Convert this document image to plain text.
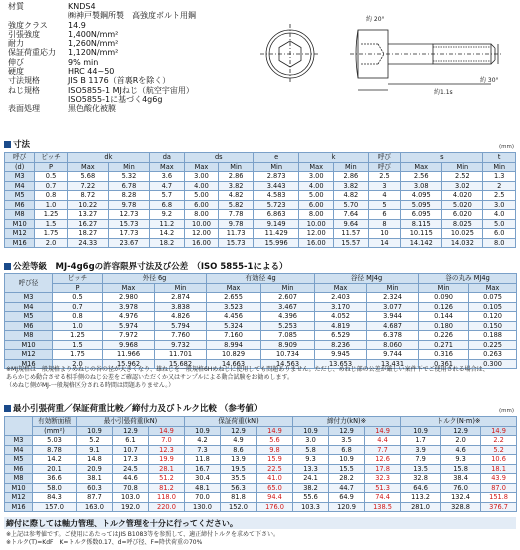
材質	KNDS4
㈱神戸製鋼所製　高強度ボルト用鋼
強度クラス	14.9
引張強度	1,400N/mm²
耐力	1,260N/mm²
保証荷重応力	1,120N/mm²
伸び	9% min
硬度	HRC 44~50
寸法規格	JIS B 1176（首裏Rを除く）
ねじ規格	ISO5855-1 MJねじ（航空宇宙用）
ISO5855-1に基づく4g6g
表面処理	黒色酸化被膜
約 20°
約1.1s
約 30°
寸法	(mm)
呼び	ピッチ	dk		da	ds		e	k		呼び	s		t
(d)	P	Max	Min	Max	Max	Min	Min	Max	Min	呼び	Max	Min	Min
M3	0.5	5.68	5.32	3.6	3.00	2.86	2.873	3.00	2.86	2.5	2.56	2.52	1.3
M4	0.7	7.22	6.78	4.7	4.00	3.82	3.443	4.00	3.82	3	3.08	3.02	2
M5	0.8	8.72	8.28	5.7	5.00	4.82	4.583	5.00	4.82	4	4.095	4.020	2.5
M6	1.0	10.22	9.78	6.8	6.00	5.82	5.723	6.00	5.70	5	5.095	5.020	3.0
M8	1.25	13.27	12.73	9.2	8.00	7.78	6.863	8.00	7.64	6	6.095	6.020	4.0
M10	1.5	16.27	15.73	11.2	10.00	9.78	9.149	10.00	9.64	8	8.115	8.025	5.0
M12	1.75	18.27	17.73	14.2	12.00	11.73	11.429	12.00	11.57	10	10.115	10.025	6.0
M16	2.0	24.33	23.67	18.2	16.00	15.73	15.996	16.00	15.57	14	14.142	14.032	8.0
公差等級　MJ-4g6gの許容限界寸法及び公差　（ISO 5855-1による）
呼び径	ピッチ	外径 6g		有効径 4g		谷径 MJ4g		谷の丸み MJ4g	
	P	Max	Min	Max	Min	Max	Min	Min	Max
M3	0.5	2.980	2.874	2.655	2.607	2.403	2.324	0.090	0.075
M4	0.7	3.978	3.838	3.523	3.467	3.170	3.077	0.126	0.105
M5	0.8	4.976	4.826	4.456	4.396	4.052	3.944	0.144	0.120
M6	1.0	5.974	5.794	5.324	5.253	4.819	4.687	0.180	0.150
M8	1.25	7.972	7.760	7.160	7.085	6.529	6.378	0.226	0.188
M10	1.5	9.968	9.732	8.994	8.909	8.236	8.060	0.271	0.225
M12	1.75	11.966	11.701	10.829	10.734	9.945	9.744	0.316	0.263
M16	2.0	15.962	15.682	14.663	14.563	13.653	13.431	0.361	0.300
※MJ規格は一般規格よりめねじの谷の径が大きくなり、雄ねじを一般規格6Hめねじに使用しても問題ありません。ただし、めねじ部の公差が厳しい案件下でご使用される場合は、
あらかじめ動合させる相手側のねじ公差をご確認いただくか又はサンプルによる動合試験をお勧めします。
（めねじ側がMJ-一般規格区分される時間は問題ありません。）
最小引張荷重／保証荷重比較／締付力及びトルク比較 （参考値）	(mm)
	有効断面積	最小引張荷重(kN)			保証荷重(kN)			締付力(kN)※			トルク(N·m)※		
	(mm²)	10.9	12.9	14.9	10.9	12.9	14.9	10.9	12.9	14.9	10.9	12.9	14.9
M3	5.03	5.2	6.1	7.0	4.2	4.9	5.6	3.0	3.5	4.4	1.7	2.0	2.2
M4	8.78	9.1	10.7	12.3	7.3	8.6	9.8	5.8	6.8	7.7	3.9	4.6	5.2
M5	14.2	14.8	17.3	19.9	11.8	13.9	15.9	9.3	10.9	12.6	7.9	9.3	10.6
M6	20.1	20.9	24.5	28.1	16.7	19.5	22.5	13.3	15.5	17.8	13.5	15.8	18.1
M8	36.6	38.1	44.6	51.2	30.4	35.5	41.0	24.1	28.2	32.3	32.8	38.4	43.9
M10	58.0	60.3	70.8	81.2	48.1	56.3	65.0	38.2	44.7	51.3	64.6	76.0	87.0
M12	84.3	87.7	103.0	118.0	70.0	81.8	94.4	55.6	64.9	74.4	113.2	132.4	151.8
M16	157.0	163.0	192.0	220.0	130.0	152.0	176.0	103.3	120.9	138.5	281.0	328.8	376.7
締付に際しては軸力管理、トルク管理を十分に行ってください。
※上記は参考値です。ご使用にあたってはJIS B1083等を参照して、適正締付トルクを求めて下さい。
※トルク(T)=KdF　K=トルク係数0.17、d=呼び径、F=降伏荷重の70%
